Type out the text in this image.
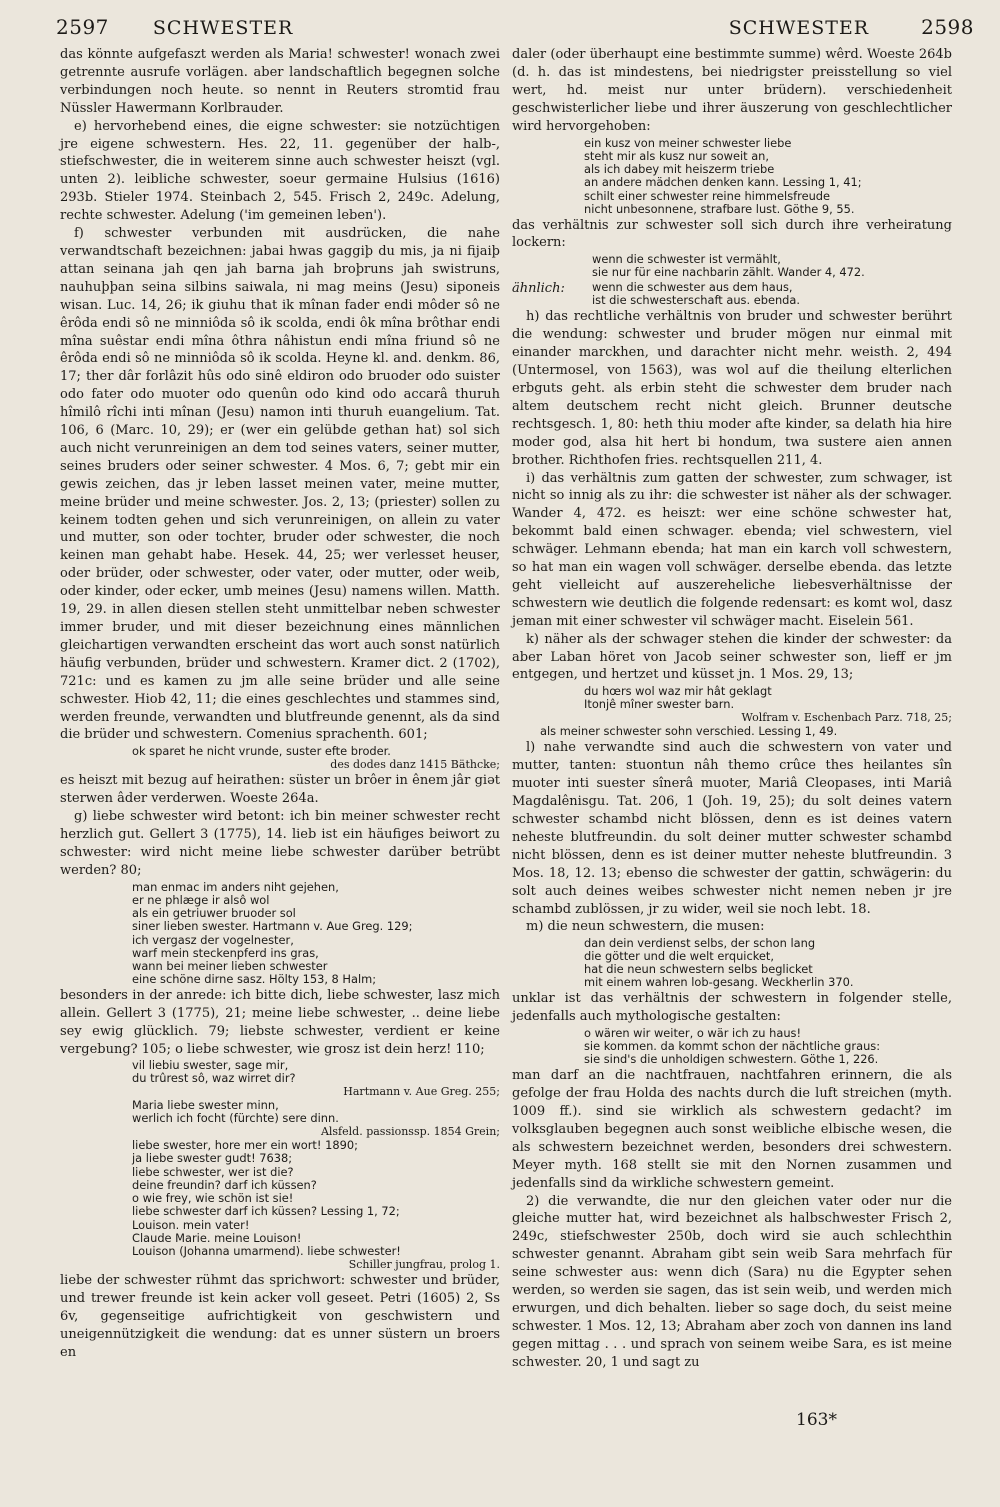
2597 SCHWESTER	SCHWESTER	2598

das könnte aufgefaszt werden als Maria! schwester! wonach zwei getrennte ausrufe vorlägen. aber landschaftlich begegnen solche verbindungen noch heute. so nennt in Reuters stromtid frau Nüssler Hawermann Korlbrauder.

e) hervorhebend eines, die eigne schwester: sie notzüchtigen jre eigene schwestern. Hes. 22, 11. gegenüber der halb-, stiefschwester, die in weiterem sinne auch schwester heiszt (vgl. unten 2). leibliche schwester, soeur germaine Hulsius (1616) 293b. Stieler 1974. Steinbach 2, 545. Frisch 2, 249c. Adelung, rechte schwester. Adelung ('im gemeinen leben').

f) schwester verbunden mit ausdrücken, die nahe verwandtschaft bezeichnen: jabai hwas gaggiþ du mis, ja ni fijaiþ attan seinana jah qen jah barna jah broþruns jah swistruns, nauhuþþan seina silbins saiwala, ni mag meins (Jesu) siponeis wisan. Luc. 14, 26; ik giuhu that ik mînan fader endi môder sô ne êrôda endi sô ne minniôda sô ik scolda, endi ôk mîna brôthar endi mîna suêstar endi mîna ôthra nâhistun endi mîna friund sô ne êrôda endi sô ne minniôda sô ik scolda. Heyne kl. and. denkm. 86, 17; ther dâr forlâzit hûs odo sinê eldiron odo bruoder odo suister odo fater odo muoter odo quenûn odo kind odo accarâ thuruh hîmilô rîchi inti mînan (Jesu) namon inti thuruh euangelium. Tat. 106, 6 (Marc. 10, 29); er (wer ein gelübde gethan hat) sol sich auch nicht verunreinigen an dem tod seines vaters, seiner mutter, seines bruders oder seiner schwester. 4 Mos. 6, 7; gebt mir ein gewis zeichen, das jr leben lasset meinen vater, meine mutter, meine brüder und meine schwester. Jos. 2, 13; (priester) sollen zu keinem todten gehen und sich verunreinigen, on allein zu vater und mutter, son oder tochter, bruder oder schwester, die noch keinen man gehabt habe. Hesek. 44, 25; wer verlesset heuser, oder brüder, oder schwester, oder vater, oder mutter, oder weib, oder kinder, oder ecker, umb meines (Jesu) namens willen. Matth. 19, 29. in allen diesen stellen steht unmittelbar neben schwester immer bruder, und mit dieser bezeichnung eines männlichen gleichartigen verwandten erscheint das wort auch sonst natürlich häufig verbunden, brüder und schwestern. Kramer dict. 2 (1702), 721c: und es kamen zu jm alle seine brüder und alle seine schwester. Hiob 42, 11; die eines geschlechtes und stammes sind, werden freunde, verwandten und blutfreunde genennt, als da sind die brüder und schwestern. Comenius sprachenth. 601;

ok sparet he nicht vrunde, suster efte broder.
des dodes danz 1415 Bäthcke;

es heiszt mit bezug auf heirathen: süster un brôer in ênem jâr giət sterwen âder verderwen. Woeste 264a.

g) liebe schwester wird betont: ich bin meiner schwester recht herzlich gut. Gellert 3 (1775), 14. lieb ist ein häufiges beiwort zu schwester: wird nicht meine liebe schwester darüber betrübt werden? 80;

man enmac im anders niht gejehen,
er ne phlæge ir alsô wol
als ein getriuwer bruoder sol
siner lieben swester. Hartmann v. Aue Greg. 129;
ich vergasz der vogelnester,
warf mein steckenpferd ins gras,
wann bei meiner lieben schwester
eine schöne dirne sasz. Hölty 153, 8 Halm;

besonders in der anrede: ich bitte dich, liebe schwester, lasz mich allein. Gellert 3 (1775), 21; meine liebe schwester, .. deine liebe sey ewig glücklich. 79; liebste schwester, verdient er keine vergebung? 105; o liebe schwester, wie grosz ist dein herz! 110;

vil liebiu swester, sage mir,
du trûrest sô, waz wirret dir?
Hartmann v. Aue Greg. 255;
Maria liebe swester minn,
werlich ich focht (fürchte) sere dinn.
Alsfeld. passionssp. 1854 Grein;
liebe swester, hore mer ein wort! 1890;
ja liebe swester gudt! 7638;
liebe schwester, wer ist die?
deine freundin? darf ich küssen?
o wie frey, wie schön ist sie!
liebe schwester darf ich küssen? Lessing 1, 72;
Louison. mein vater!
Claude Marie. meine Louison!
Louison (Johanna umarmend). liebe schwester!
Schiller jungfrau, prolog 1.

liebe der schwester rühmt das sprichwort: schwester und brüder, und trewer freunde ist kein acker voll geseet. Petri (1605) 2, Ss 6v, gegenseitige aufrichtigkeit von geschwistern und uneigennützigkeit die wendung: dat es unner süstern un broers en

daler (oder überhaupt eine bestimmte summe) wêrd. Woeste 264b (d. h. das ist mindestens, bei niedrigster preisstellung so viel wert, hd. meist nur unter brüdern). verschiedenheit geschwisterlicher liebe und ihrer äuszerung von geschlechtlicher wird hervorgehoben:

ein kusz von meiner schwester liebe
steht mir als kusz nur soweit an,
als ich dabey mit heiszerm triebe
an andere mädchen denken kann. Lessing 1, 41;
schilt einer schwester reine himmelsfreude
nicht unbesonnene, strafbare lust. Göthe 9, 55.

das verhältnis zur schwester soll sich durch ihre verheiratung lockern:

wenn die schwester ist vermählt,
sie nur für eine nachbarin zählt. Wander 4, 472.
ähnlich:	wenn die schwester aus dem haus,
ist die schwesterschaft aus. ebenda.

h) das rechtliche verhältnis von bruder und schwester berührt die wendung: schwester und bruder mögen nur einmal mit einander marckhen, und darachter nicht mehr. weisth. 2, 494 (Untermosel, von 1563), was wol auf die theilung elterlichen erbguts geht. als erbin steht die schwester dem bruder nach altem deutschem recht nicht gleich. Brunner deutsche rechtsgesch. 1, 80: heth thiu moder afte kinder, sa delath hia hire moder god, alsa hit hert bi hondum, twa sustere aien annen brother. Richthofen fries. rechtsquellen 211, 4.

i) das verhältnis zum gatten der schwester, zum schwager, ist nicht so innig als zu ihr: die schwester ist näher als der schwager. Wander 4, 472. es heiszt: wer eine schöne schwester hat, bekommt bald einen schwager. ebenda; viel schwestern, viel schwäger. Lehmann ebenda; hat man ein karch voll schwestern, so hat man ein wagen voll schwäger. derselbe ebenda. das letzte geht vielleicht auf auszereheliche liebesverhältnisse der schwestern wie deutlich die folgende redensart: es komt wol, dasz jeman mit einer schwester vil schwäger macht. Eiselein 561.

k) näher als der schwager stehen die kinder der schwester: da aber Laban höret von Jacob seiner schwester son, lieff er jm entgegen, und hertzet und küsset jn. 1 Mos. 29, 13;

du hœrs wol waz mir hât geklagt
Itonjê mîner swester barn.
Wolfram v. Eschenbach Parz. 718, 25;
als meiner schwester sohn verschied. Lessing 1, 49.

l) nahe verwandte sind auch die schwestern von vater und mutter, tanten: stuontun nâh themo crûce thes heilantes sîn muoter inti suester sînerâ muoter, Mariâ Cleopases, inti Mariâ Magdalênisgu. Tat. 206, 1 (Joh. 19, 25); du solt deines vatern schwester schambd nicht blössen, denn es ist deines vatern neheste blutfreundin. du solt deiner mutter schwester schambd nicht blössen, denn es ist deiner mutter neheste blutfreundin. 3 Mos. 18, 12. 13; ebenso die schwester der gattin, schwägerin: du solt auch deines weibes schwester nicht nemen neben jr jre schambd zublössen, jr zu wider, weil sie noch lebt. 18.

m) die neun schwestern, die musen:

dan dein verdienst selbs, der schon lang
die götter und die welt erquicket,
hat die neun schwestern selbs beglicket
mit einem wahren lob-gesang. Weckherlin 370.

unklar ist das verhältnis der schwestern in folgender stelle, jedenfalls auch mythologische gestalten:

o wären wir weiter, o wär ich zu haus!
sie kommen. da kommt schon der nächtliche graus:
sie sind's die unholdigen schwestern. Göthe 1, 226.

man darf an die nachtfrauen, nachtfahren erinnern, die als gefolge der frau Holda des nachts durch die luft streichen (myth. 1009 ff.). sind sie wirklich als schwestern gedacht? im volksglauben begegnen auch sonst weibliche elbische wesen, die als schwestern bezeichnet werden, besonders drei schwestern. Meyer myth. 168 stellt sie mit den Nornen zusammen und jedenfalls sind da wirkliche schwestern gemeint.

2) die verwandte, die nur den gleichen vater oder nur die gleiche mutter hat, wird bezeichnet als halbschwester Frisch 2, 249c, stiefschwester 250b, doch wird sie auch schlechthin schwester genannt. Abraham gibt sein weib Sara mehrfach für seine schwester aus: wenn dich (Sara) nu die Egypter sehen werden, so werden sie sagen, das ist sein weib, und werden mich erwurgen, und dich behalten. lieber so sage doch, du seist meine schwester. 1 Mos. 12, 13; Abraham aber zoch von dannen ins land gegen mittag . . . und sprach von seinem weibe Sara, es ist meine schwester. 20, 1 und sagt zu

163*
